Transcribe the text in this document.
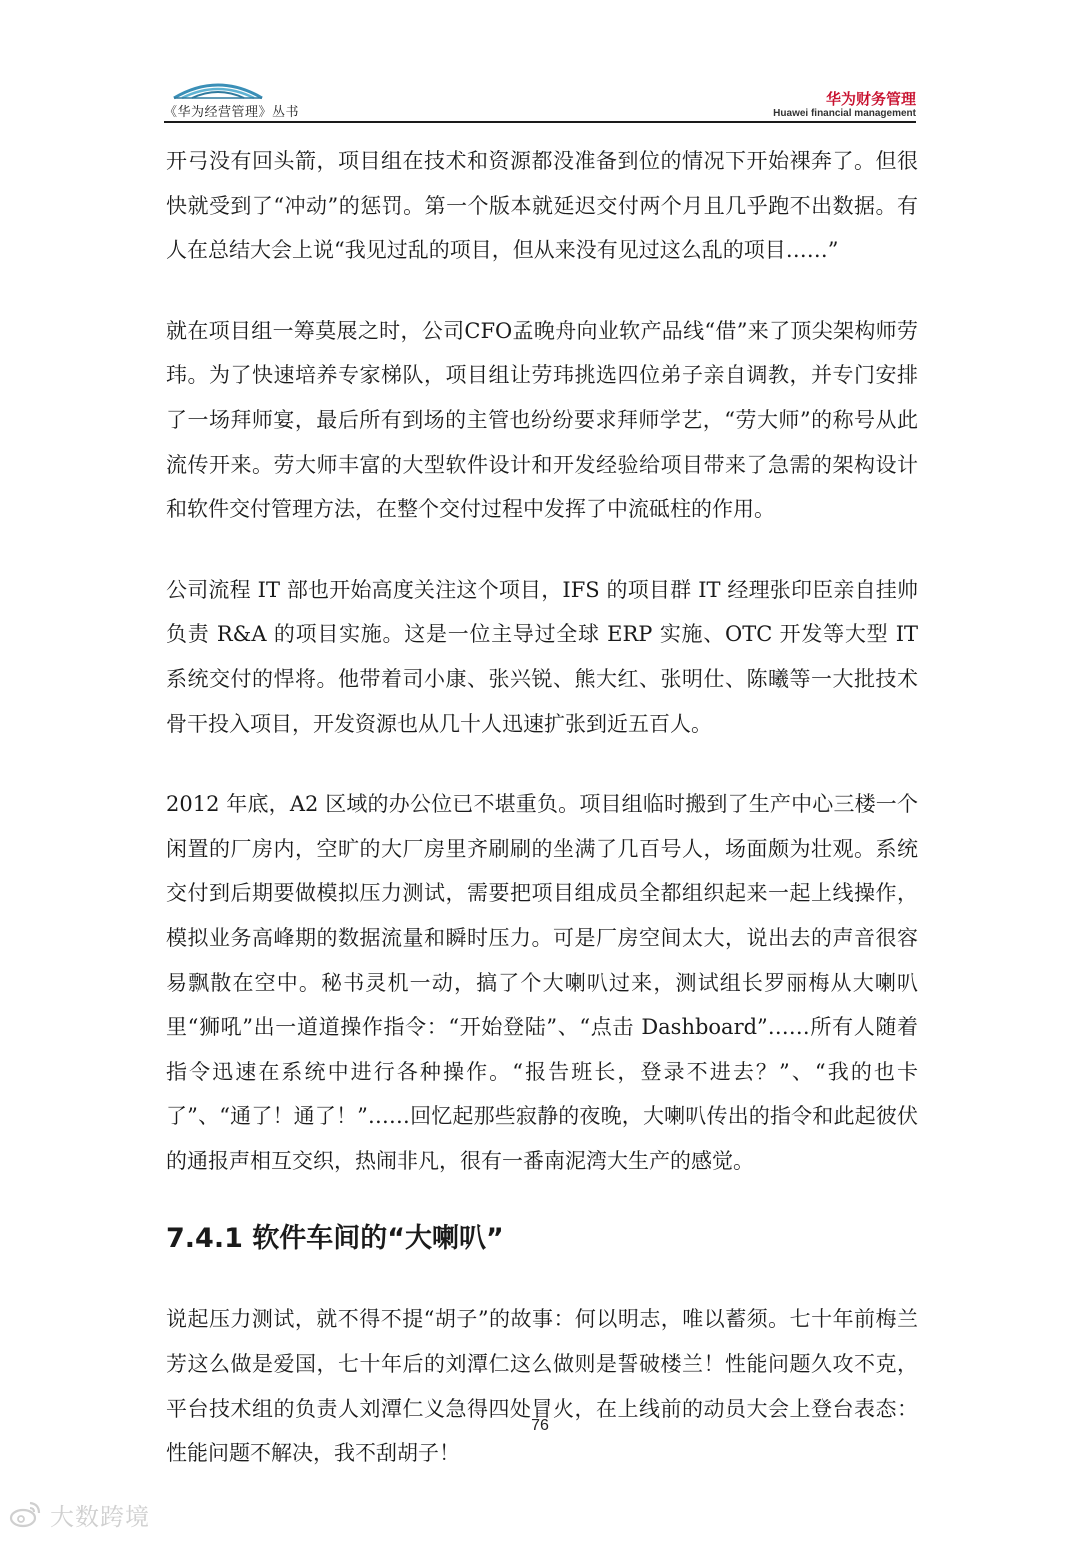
《华为经营管理》丛书
华为财务管理
Huawei financial management

开弓没有回头箭，项目组在技术和资源都没准备到位的情况下开始裸奔了。但很快就受到了“冲动”的惩罚。第一个版本就延迟交付两个月且几乎跑不出数据。有人在总结大会上说“我见过乱的项目，但从来没有见过这么乱的项目……”

就在项目组一筹莫展之时，公司CFO孟晚舟向业软产品线“借”来了顶尖架构师劳玮。为了快速培养专家梯队，项目组让劳玮挑选四位弟子亲自调教，并专门安排了一场拜师宴，最后所有到场的主管也纷纷要求拜师学艺，“劳大师”的称号从此流传开来。劳大师丰富的大型软件设计和开发经验给项目带来了急需的架构设计和软件交付管理方法，在整个交付过程中发挥了中流砥柱的作用。

公司流程 IT 部也开始高度关注这个项目，IFS 的项目群 IT 经理张印臣亲自挂帅负责 R&A 的项目实施。这是一位主导过全球 ERP 实施、OTC 开发等大型 IT 系统交付的悍将。他带着司小康、张兴锐、熊大红、张明仕、陈曦等一大批技术骨干投入项目，开发资源也从几十人迅速扩张到近五百人。

2012 年底，A2 区域的办公位已不堪重负。项目组临时搬到了生产中心三楼一个闲置的厂房内，空旷的大厂房里齐刷刷的坐满了几百号人，场面颇为壮观。系统交付到后期要做模拟压力测试，需要把项目组成员全都组织起来一起上线操作，模拟业务高峰期的数据流量和瞬时压力。可是厂房空间太大，说出去的声音很容易飘散在空中。秘书灵机一动，搞了个大喇叭过来，测试组长罗丽梅从大喇叭里“狮吼”出一道道操作指令：“开始登陆”、“点击 Dashboard”……所有人随着指令迅速在系统中进行各种操作。“报告班长，登录不进去？”、“我的也卡了”、“通了！通了！”……回忆起那些寂静的夜晚，大喇叭传出的指令和此起彼伏的通报声相互交织，热闹非凡，很有一番南泥湾大生产的感觉。

7.4.1 软件车间的“大喇叭”

说起压力测试，就不得不提“胡子”的故事：何以明志，唯以蓄须。七十年前梅兰芳这么做是爱国，七十年后的刘潭仁这么做则是誓破楼兰！性能问题久攻不克，平台技术组的负责人刘潭仁义急得四处冒火，在上线前的动员大会上登台表态：性能问题不解决，我不刮胡子！

76
大数跨境
